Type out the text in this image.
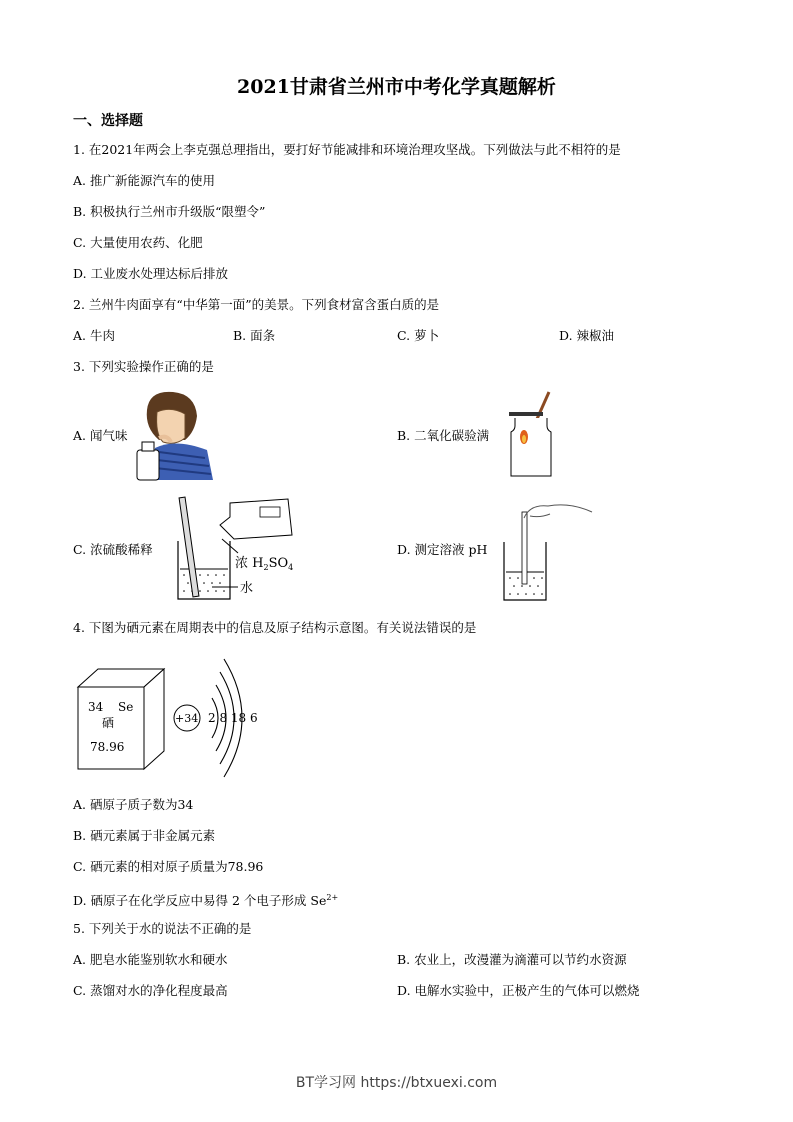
2021甘肃省兰州市中考化学真题解析
一、选择题
1. 在2021年两会上李克强总理指出，要打好节能减排和环境治理攻坚战。下列做法与此不相符的是
A. 推广新能源汽车的使用
B. 积极执行兰州市升级版“限塑令”
C. 大量使用农药、化肥
D. 工业废水处理达标后排放
2. 兰州牛肉面享有“中华第一面”的美景。下列食材富含蛋白质的是
A. 牛肉	B. 面条	C. 萝卜	D. 辣椒油
3. 下列实验操作正确的是
A. 闻气味	B. 二氧化碳验满
C. 浓硫酸稀释	D. 测定溶液 pH
浓 $H_2SO_4$
水
4. 下图为硒元素在周期表中的信息及原子结构示意图。有关说法错误的是
34 Se
硒
78.96
+34 2 8 18 6
A. 硒原子质子数为34
B. 硒元素属于非金属元素
C. 硒元素的相对原子质量为78.96
D. 硒原子在化学反应中易得 2 个电子形成 $Se^{2+}$
5. 下列关于水的说法不正确的是
A. 肥皂水能鉴别软水和硬水	B. 农业上，改漫灌为滴灌可以节约水资源
C. 蒸馏对水的净化程度最高	D. 电解水实验中，正极产生的气体可以燃烧
BT学习网 https://btxuexi.com
